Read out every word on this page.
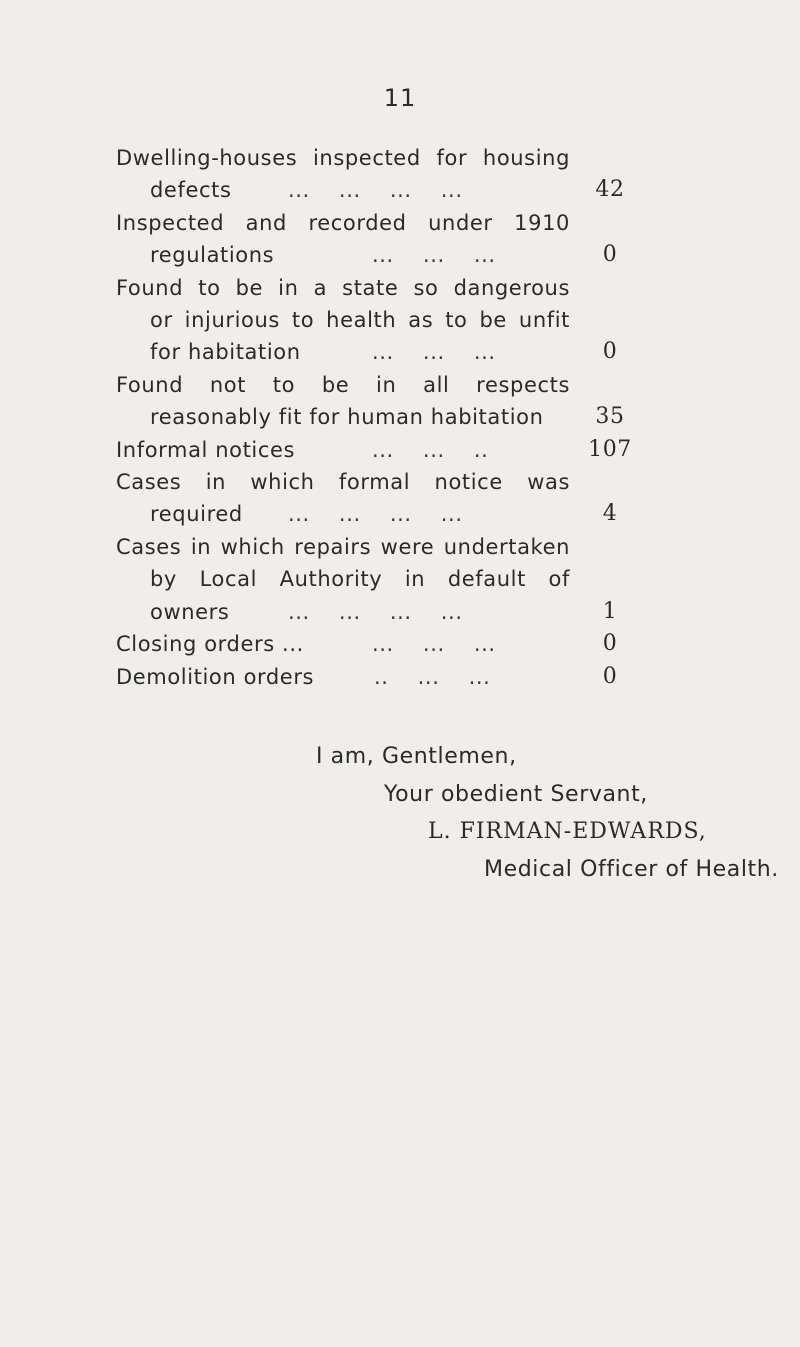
11
Dwelling-houses inspected for housing
defects	...    ...    ...    ...	42
Inspected and recorded under 1910
regulations	...    ...    ...	0
Found to be in a state so dangerous
or injurious to health as to be unfit
for habitation	...    ...    ...	0
Found not to be in all respects
reasonably fit for human habitation	35
Informal notices	...    ...    ..	107
Cases in which formal notice was
required	...    ...    ...    ...	4
Cases in which repairs were undertaken
by Local Authority in default of
owners	...    ...    ...    ...	1
Closing orders ...	...    ...    ...	0
Demolition orders	..    ...    ...	0
I am, Gentlemen,
Your obedient Servant,
L. FIRMAN-EDWARDS,
Medical Officer of Health.
